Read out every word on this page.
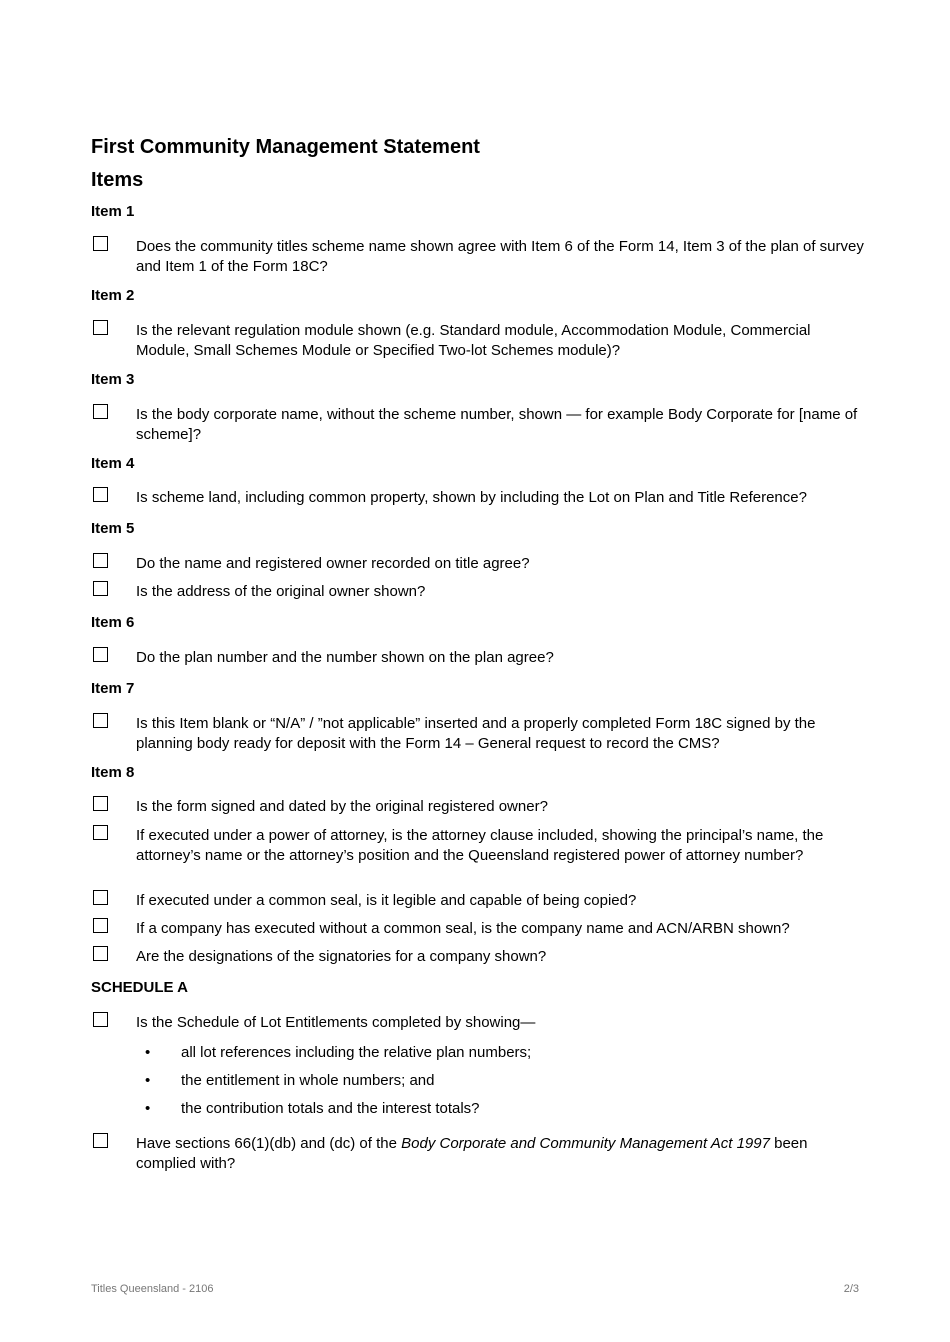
First Community Management Statement
Items
Item 1
Does the community titles scheme name shown agree with Item 6 of the Form 14, Item 3 of the plan of survey and Item 1 of the Form 18C?
Item 2
Is the relevant regulation module shown (e.g. Standard module, Accommodation Module, Commercial Module, Small Schemes Module or Specified Two-lot Schemes module)?
Item 3
Is the body corporate name, without the scheme number, shown — for example Body Corporate for [name of scheme]?
Item 4
Is scheme land, including common property, shown by including the Lot on Plan and Title Reference?
Item 5
Do the name and registered owner recorded on title agree?
Is the address of the original owner shown?
Item 6
Do the plan number and the number shown on the plan agree?
Item 7
Is this Item blank or “N/A” / ”not applicable” inserted and a properly completed Form 18C signed by the planning body ready for deposit with the Form 14 – General request to record the CMS?
Item 8
Is the form signed and dated by the original registered owner?
If executed under a power of attorney, is the attorney clause included, showing the principal’s name, the attorney’s name or the attorney’s position and the Queensland registered power of attorney number?
If executed under a common seal, is it legible and capable of being copied?
If a company has executed without a common seal, is the company name and ACN/ARBN shown?
Are the designations of the signatories for a company shown?
SCHEDULE A
Is the Schedule of Lot Entitlements completed by showing—
• all lot references including the relative plan numbers;
• the entitlement in whole numbers; and
• the contribution totals and the interest totals?
Have sections 66(1)(db) and (dc) of the Body Corporate and Community Management Act 1997 been complied with?
Titles Queensland - 2106	2/3
